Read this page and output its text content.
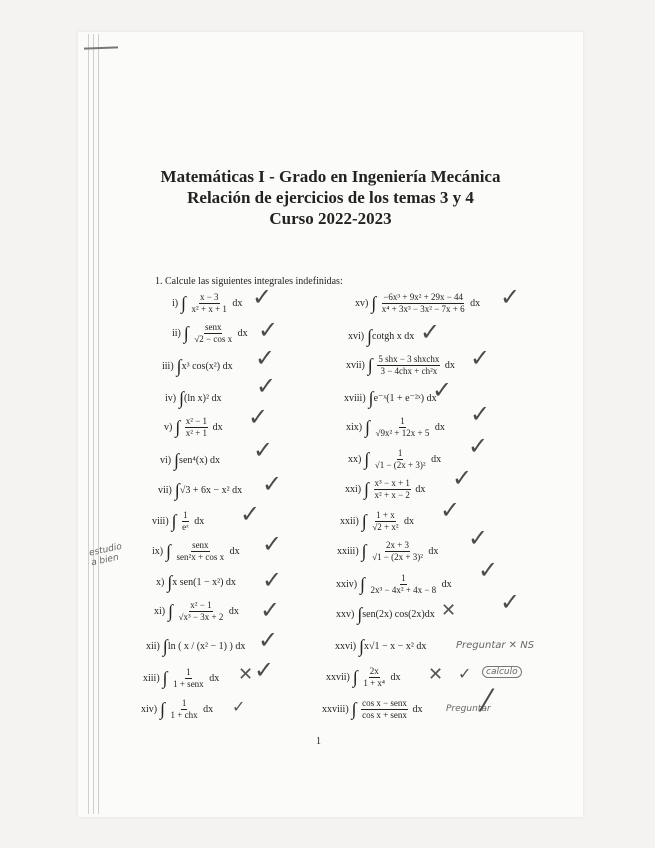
Matemáticas I - Grado en Ingeniería Mecánica
Relación de ejercicios de los temas 3 y 4
Curso 2022-2023
1. Calcule las siguientes integrales indefinidas:
i) ∫ $\frac{x - 3}{\text{x² + x + 1}}$ dx
ii) ∫ $\frac{\text{senx}}{\text{√2 − cos x}}$ dx
iii) ∫x³ cos(x²) dx
iv) ∫(ln x)² dx
v) ∫ $\frac{\text{x² − 1}}{\text{x² + 1}}$ dx
vi) ∫sen⁴(x) dx
vii) ∫√3 + 6x − x² dx
viii) ∫ $\frac{1}{\text{eˣ}}$ dx
ix) ∫ $\frac{\text{senx}}{\text{sen²x + cos x}}$ dx
x) ∫x sen(1 − x²) dx
xi) ∫ $\frac{\text{x² − 1}}{\text{√x³ − 3x + 2}}$ dx
xii) ∫ln ( x / (x² − 1) ) dx
xiii) ∫ $\frac{1}{\text{1 + senx}}$ dx
xiv) ∫ $\frac{1}{\text{1 + chx}}$ dx
xv) ∫ $\frac{\text{−6x³ + 9x² + 29x − 44}}{\text{x⁴ + 3x³ − 3x² − 7x + 6}}$ dx
xvi) ∫cotgh x dx
xvii) ∫ $\frac{\text{5 shx − 3 shxchx}}{\text{3 − 4chx + ch²x}}$ dx
xviii) ∫e⁻ˣ(1 + e⁻²ˣ) dx
xix) ∫ $\frac{1}{\text{√9x² + 12x + 5}}$ dx
xx) ∫ $\frac{1}{\text{√1 − (2x + 3)²}}$ dx
xxi) ∫ $\frac{\text{x³ − x + 1}}{\text{x² + x − 2}}$ dx
xxii) ∫ $\frac{1 + x}{\text{√2 + x²}}$ dx
xxiii) ∫ $\frac{2x + 3}{\text{√1 − (2x + 3)²}}$ dx
xxiv) ∫ $\frac{1}{\text{2x³ − 4x² + 4x − 8}}$ dx
xxv) ∫sen(2x) cos(2x)dx
xxvi) ∫x√1 − x − x² dx
xxvii) ∫ $\frac{2x}{\text{1 + x⁴}}$ dx
xxviii) ∫ $\frac{\text{cos x − senx}}{\text{cos x + senx}}$ dx
✓
✓
✓
✓
✓
✓
✓
✓
✓
✓
✓
✓
✕ ✓
✓
✓
✓
✓
✓
✓
✓
✓
✓
✓
✓
✕ ✓
Preguntar ✕ NS
✕ ✓	calculo
Preguntar
⁄
estudio a bien
1
